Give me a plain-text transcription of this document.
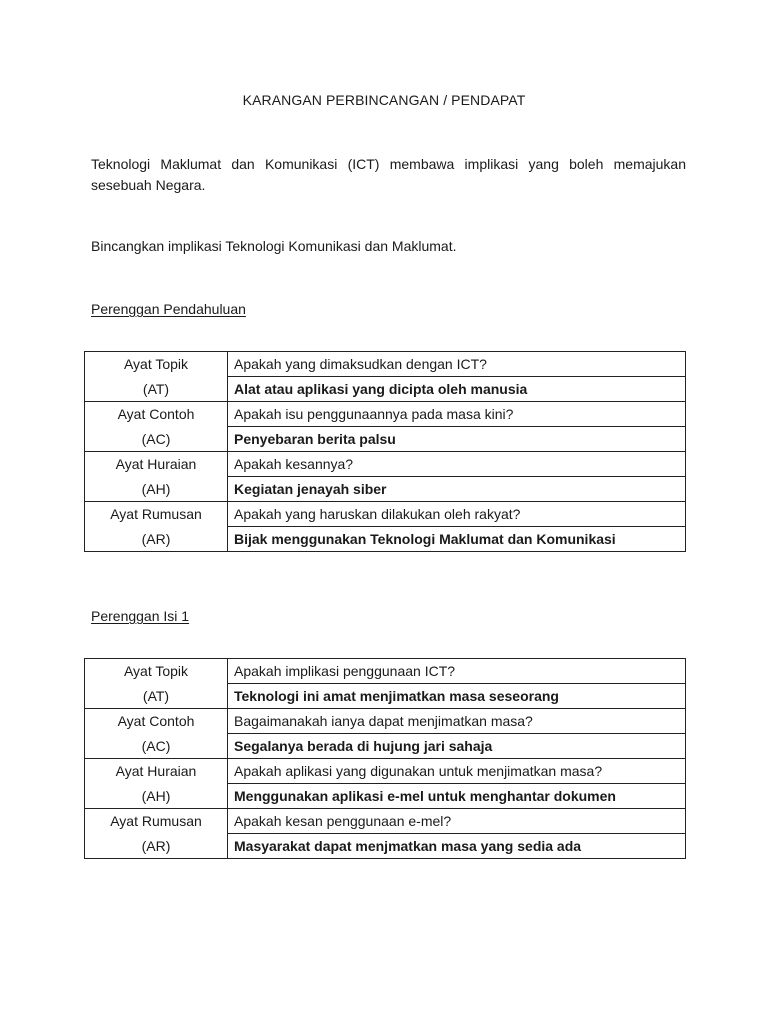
KARANGAN PERBINCANGAN / PENDAPAT
Teknologi Maklumat dan Komunikasi (ICT) membawa implikasi yang boleh memajukan sesebuah Negara.
Bincangkan implikasi Teknologi Komunikasi dan Maklumat.
Perenggan Pendahuluan
Ayat Topik	Apakah yang dimaksudkan dengan ICT?
(AT)	Alat atau aplikasi yang dicipta oleh manusia
Ayat Contoh	Apakah isu penggunaannya pada masa kini?
(AC)	Penyebaran berita palsu
Ayat Huraian	Apakah kesannya?
(AH)	Kegiatan jenayah siber
Ayat Rumusan	Apakah yang haruskan dilakukan oleh rakyat?
(AR)	Bijak menggunakan Teknologi Maklumat dan Komunikasi
Perenggan Isi 1
Ayat Topik	Apakah implikasi penggunaan ICT?
(AT)	Teknologi ini amat menjimatkan masa seseorang
Ayat Contoh	Bagaimanakah ianya dapat menjimatkan masa?
(AC)	Segalanya berada di hujung jari sahaja
Ayat Huraian	Apakah aplikasi yang digunakan untuk menjimatkan masa?
(AH)	Menggunakan aplikasi e-mel untuk menghantar dokumen
Ayat Rumusan	Apakah kesan penggunaan e-mel?
(AR)	Masyarakat dapat menjmatkan masa yang sedia ada
